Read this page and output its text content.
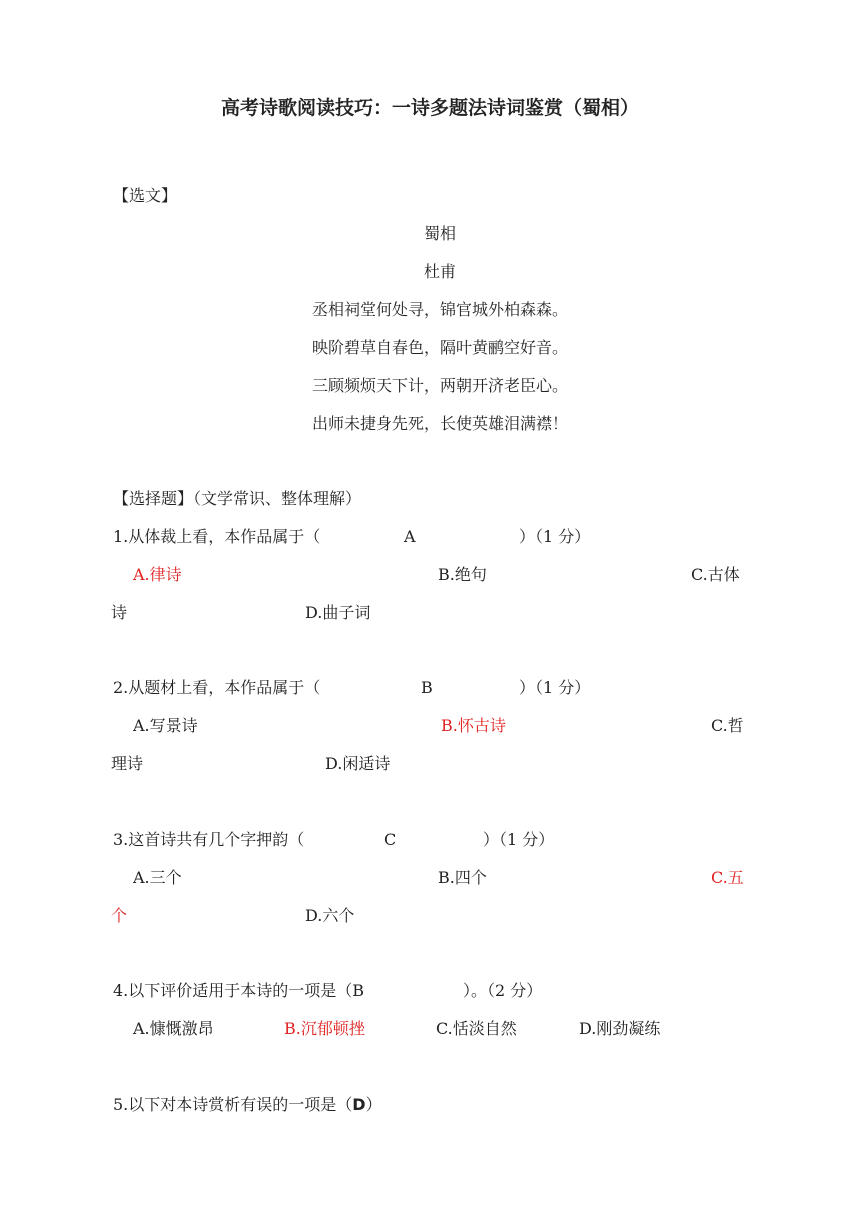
高考诗歌阅读技巧：一诗多题法诗词鉴赏（蜀相）
【选文】
蜀相
杜甫
丞相祠堂何处寻，锦官城外柏森森。
映阶碧草自春色，隔叶黄鹂空好音。
三顾频烦天下计，两朝开济老臣心。
出师未捷身先死，长使英雄泪满襟！
【选择题】（文学常识、整体理解）
1.从体裁上看，本作品属于（	A	）（1 分）
A.律诗	B.绝句	C.古体
诗	D.曲子词
2.从题材上看，本作品属于（	B	）（1 分）
A.写景诗	B.怀古诗	C.哲
理诗	D.闲适诗
3.这首诗共有几个字押韵（	C	）（1 分）
A.三个	B.四个	C.五
个	D.六个
4.以下评价适用于本诗的一项是（B	）。（2 分）
A.慷慨激昂	B.沉郁顿挫	C.恬淡自然	D.刚劲凝练
5.以下对本诗赏析有误的一项是（D）
